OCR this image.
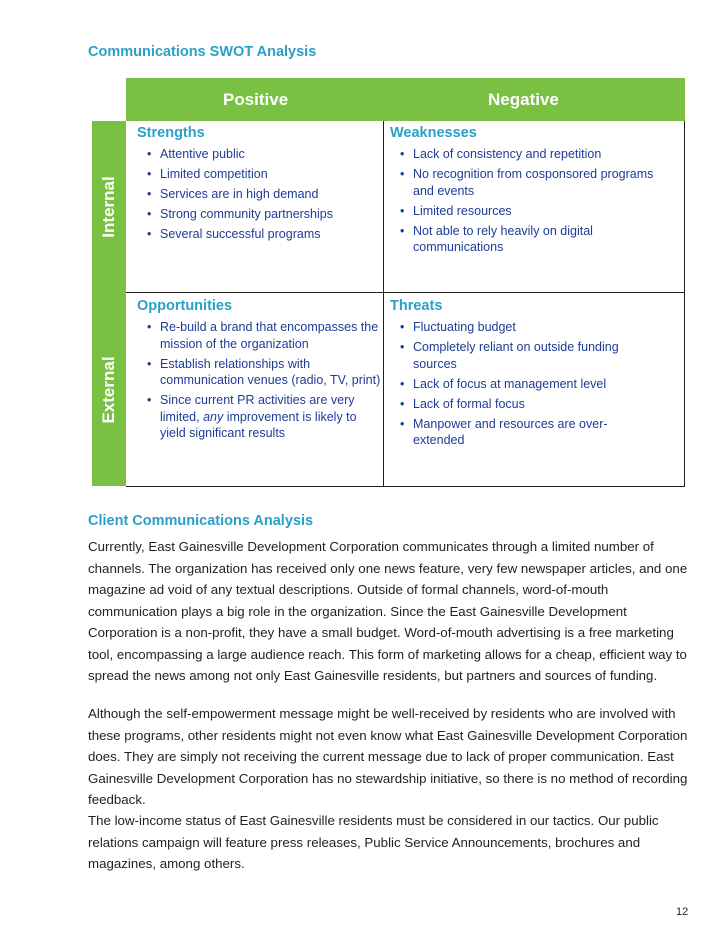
Communications SWOT Analysis
Positive	Negative
Internal
External
Strengths
• Attentive public
• Limited competition
• Services are in high demand
• Strong community partnerships
• Several successful programs
Weaknesses
• Lack of consistency and repetition
• No recognition from cosponsored programs and events
• Limited resources
• Not able to rely heavily on digital communications
Opportunities
• Re-build a brand that encompasses the mission of the organization
• Establish relationships with communication venues (radio, TV, print)
• Since current PR activities are very limited, any improvement is likely to yield significant results
Threats
• Fluctuating budget
• Completely reliant on outside funding sources
• Lack of focus at management level
• Lack of formal focus
• Manpower and resources are over-extended
Client Communications Analysis

Currently, East Gainesville Development Corporation communicates through a limited number of channels. The organization has received only one news feature, very few newspaper articles, and one magazine ad void of any textual descriptions. Outside of formal channels, word-of-mouth communication plays a big role in the organization. Since the East Gainesville Development Corporation is a non-profit, they have a small budget. Word-of-mouth advertising is a free marketing tool, encompassing a large audience reach. This form of marketing allows for a cheap, efficient way to spread the news among not only East Gainesville residents, but partners and sources of funding.

Although the self-empowerment message might be well-received by residents who are involved with these programs, other residents might not even know what East Gainesville Development Corporation does. They are simply not receiving the current message due to lack of proper communication. East Gainesville Development Corporation has no stewardship initiative, so there is no method of recording feedback.

The low-income status of East Gainesville residents must be considered in our tactics. Our public relations campaign will feature press releases, Public Service Announcements, brochures and magazines, among others.

12
